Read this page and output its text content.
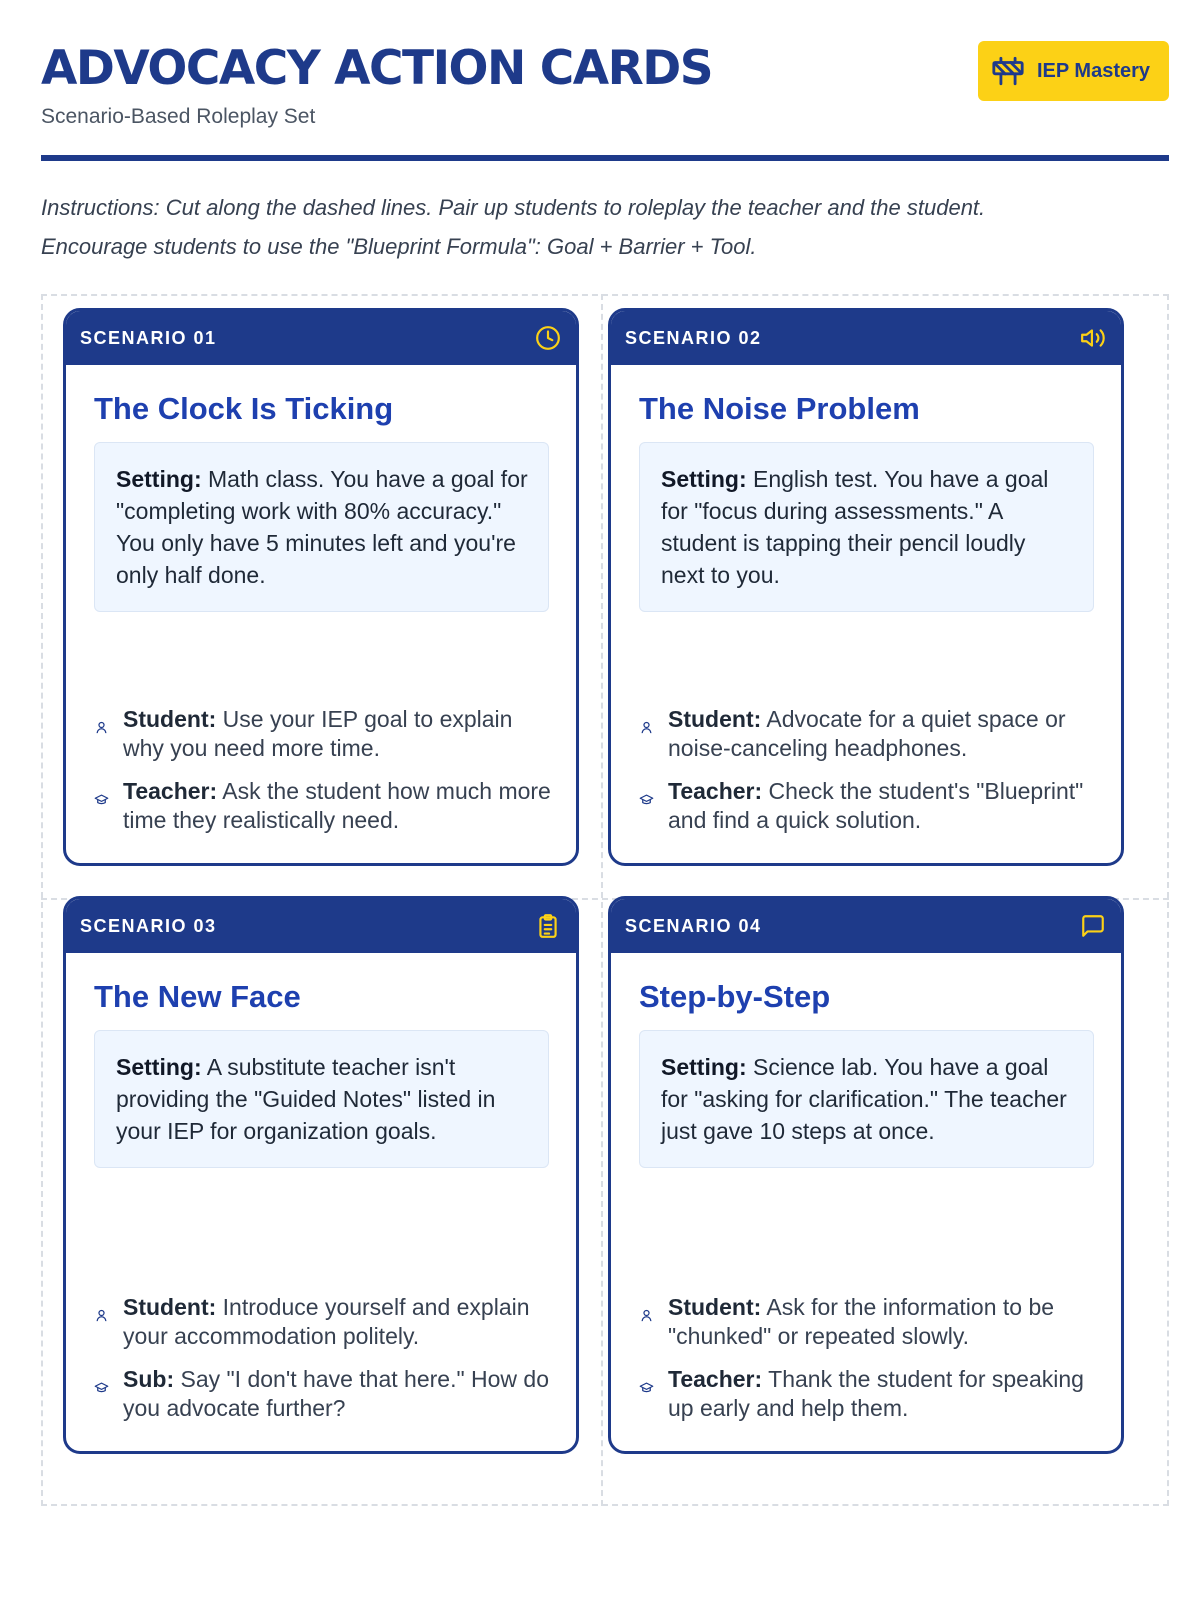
ADVOCACY ACTION CARDS
Scenario-Based Roleplay Set
IEP Mastery
Instructions: Cut along the dashed lines. Pair up students to roleplay the teacher and the student.
Encourage students to use the "Blueprint Formula": Goal + Barrier + Tool.
SCENARIO 01
The Clock Is Ticking
Setting: Math class. You have a goal for "completing work with 80% accuracy." You only have 5 minutes left and you're only half done.
Student: Use your IEP goal to explain why you need more time.
Teacher: Ask the student how much more time they realistically need.
SCENARIO 02
The Noise Problem
Setting: English test. You have a goal for "focus during assessments." A student is tapping their pencil loudly next to you.
Student: Advocate for a quiet space or noise-canceling headphones.
Teacher: Check the student's "Blueprint" and find a quick solution.
SCENARIO 03
The New Face
Setting: A substitute teacher isn't providing the "Guided Notes" listed in your IEP for organization goals.
Student: Introduce yourself and explain your accommodation politely.
Sub: Say "I don't have that here." How do you advocate further?
SCENARIO 04
Step-by-Step
Setting: Science lab. You have a goal for "asking for clarification." The teacher just gave 10 steps at once.
Student: Ask for the information to be "chunked" or repeated slowly.
Teacher: Thank the student for speaking up early and help them.
